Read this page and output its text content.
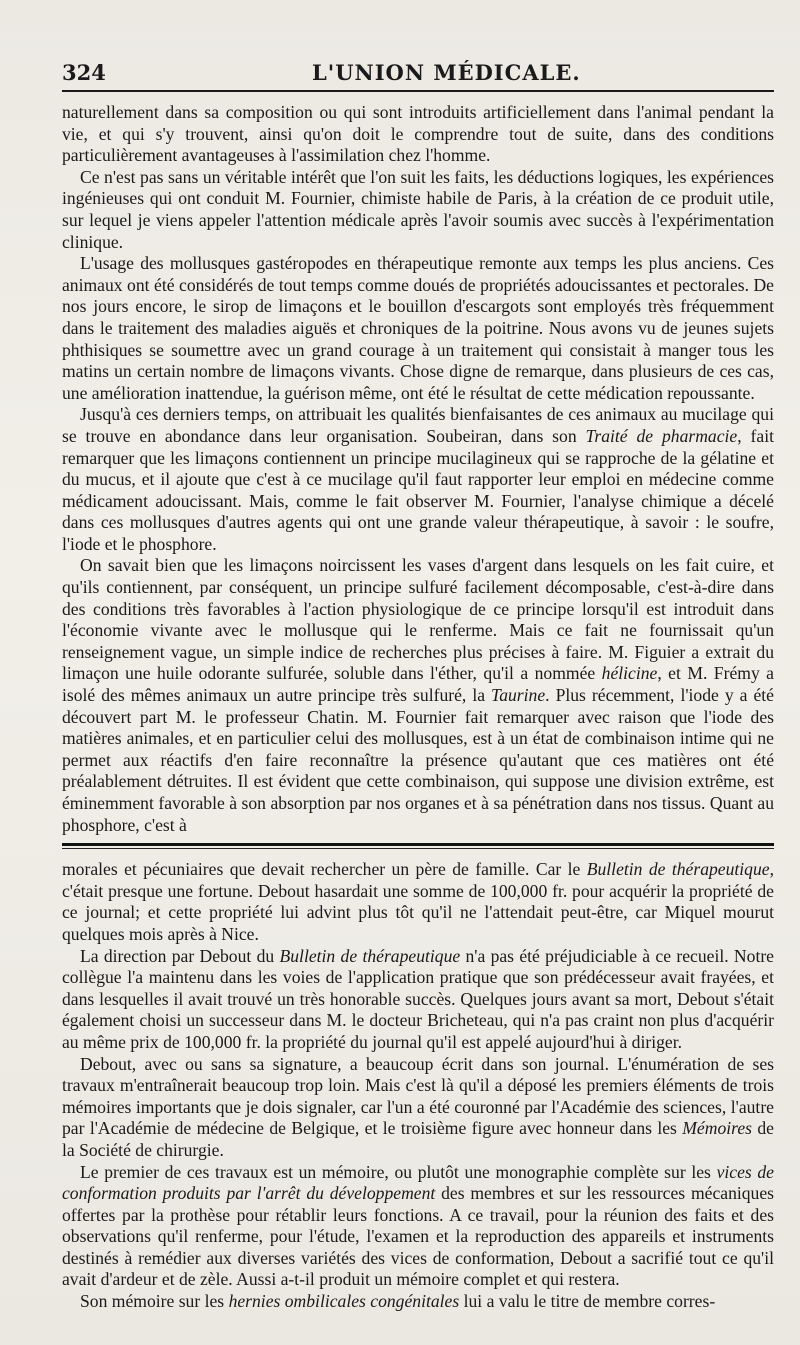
324	L'UNION MÉDICALE.

naturellement dans sa composition ou qui sont introduits artificiellement dans l'animal pendant la vie, et qui s'y trouvent, ainsi qu'on doit le comprendre tout de suite, dans des conditions particulièrement avantageuses à l'assimilation chez l'homme.

Ce n'est pas sans un véritable intérêt que l'on suit les faits, les déductions logiques, les expériences ingénieuses qui ont conduit M. Fournier, chimiste habile de Paris, à la création de ce produit utile, sur lequel je viens appeler l'attention médicale après l'avoir soumis avec succès à l'expérimentation clinique.

L'usage des mollusques gastéropodes en thérapeutique remonte aux temps les plus anciens. Ces animaux ont été considérés de tout temps comme doués de propriétés adoucissantes et pectorales. De nos jours encore, le sirop de limaçons et le bouillon d'escargots sont employés très fréquemment dans le traitement des maladies aiguës et chroniques de la poitrine. Nous avons vu de jeunes sujets phthisiques se soumettre avec un grand courage à un traitement qui consistait à manger tous les matins un certain nombre de limaçons vivants. Chose digne de remarque, dans plusieurs de ces cas, une amélioration inattendue, la guérison même, ont été le résultat de cette médication repoussante.

Jusqu'à ces derniers temps, on attribuait les qualités bienfaisantes de ces animaux au mucilage qui se trouve en abondance dans leur organisation. Soubeiran, dans son Traité de pharmacie, fait remarquer que les limaçons contiennent un principe mucilagineux qui se rapproche de la gélatine et du mucus, et il ajoute que c'est à ce mucilage qu'il faut rapporter leur emploi en médecine comme médicament adoucissant. Mais, comme le fait observer M. Fournier, l'analyse chimique a décelé dans ces mollusques d'autres agents qui ont une grande valeur thérapeutique, à savoir : le soufre, l'iode et le phosphore.

On savait bien que les limaçons noircissent les vases d'argent dans lesquels on les fait cuire, et qu'ils contiennent, par conséquent, un principe sulfuré facilement décomposable, c'est-à-dire dans des conditions très favorables à l'action physiologique de ce principe lorsqu'il est introduit dans l'économie vivante avec le mollusque qui le renferme. Mais ce fait ne fournissait qu'un renseignement vague, un simple indice de recherches plus précises à faire. M. Figuier a extrait du limaçon une huile odorante sulfurée, soluble dans l'éther, qu'il a nommée hélicine, et M. Frémy a isolé des mêmes animaux un autre principe très sulfuré, la Taurine. Plus récemment, l'iode y a été découvert part M. le professeur Chatin. M. Fournier fait remarquer avec raison que l'iode des matières animales, et en particulier celui des mollusques, est à un état de combinaison intime qui ne permet aux réactifs d'en faire reconnaître la présence qu'autant que ces matières ont été préalablement détruites. Il est évident que cette combinaison, qui suppose une division extrême, est éminemment favorable à son absorption par nos organes et à sa pénétration dans nos tissus. Quant au phosphore, c'est à

morales et pécuniaires que devait rechercher un père de famille. Car le Bulletin de thérapeutique, c'était presque une fortune. Debout hasardait une somme de 100,000 fr. pour acquérir la propriété de ce journal; et cette propriété lui advint plus tôt qu'il ne l'attendait peut-être, car Miquel mourut quelques mois après à Nice.

La direction par Debout du Bulletin de thérapeutique n'a pas été préjudiciable à ce recueil. Notre collègue l'a maintenu dans les voies de l'application pratique que son prédécesseur avait frayées, et dans lesquelles il avait trouvé un très honorable succès. Quelques jours avant sa mort, Debout s'était également choisi un successeur dans M. le docteur Bricheteau, qui n'a pas craint non plus d'acquérir au même prix de 100,000 fr. la propriété du journal qu'il est appelé aujourd'hui à diriger.

Debout, avec ou sans sa signature, a beaucoup écrit dans son journal. L'énumération de ses travaux m'entraînerait beaucoup trop loin. Mais c'est là qu'il a déposé les premiers éléments de trois mémoires importants que je dois signaler, car l'un a été couronné par l'Académie des sciences, l'autre par l'Académie de médecine de Belgique, et le troisième figure avec honneur dans les Mémoires de la Société de chirurgie.

Le premier de ces travaux est un mémoire, ou plutôt une monographie complète sur les vices de conformation produits par l'arrêt du développement des membres et sur les ressources mécaniques offertes par la prothèse pour rétablir leurs fonctions. A ce travail, pour la réunion des faits et des observations qu'il renferme, pour l'étude, l'examen et la reproduction des appareils et instruments destinés à remédier aux diverses variétés des vices de conformation, Debout a sacrifié tout ce qu'il avait d'ardeur et de zèle. Aussi a-t-il produit un mémoire complet et qui restera.

Son mémoire sur les hernies ombilicales congénitales lui a valu le titre de membre corres-
